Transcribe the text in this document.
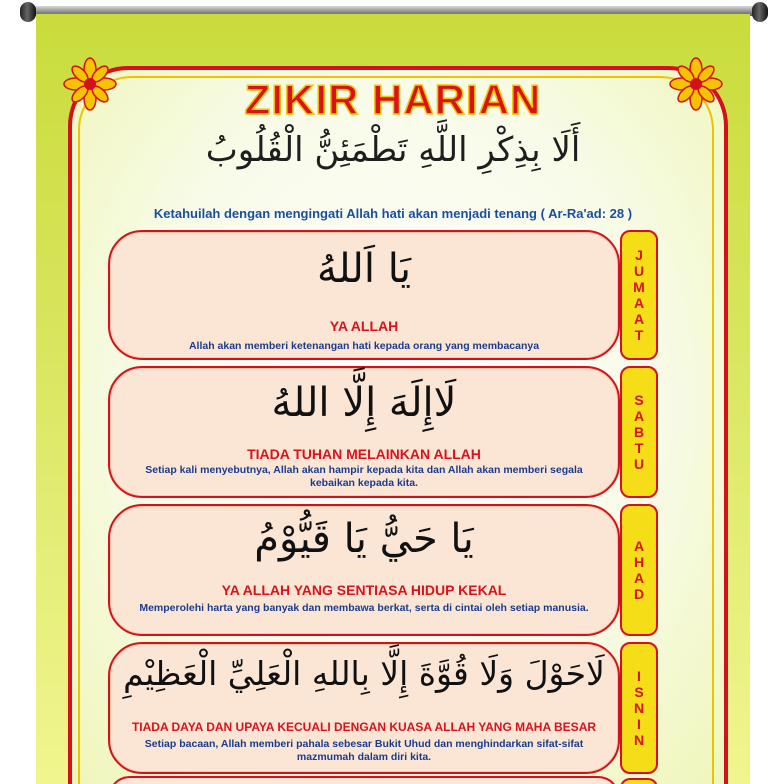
ZIKIR HARIAN
أَلَا بِذِكْرِ اللَّهِ تَطْمَئِنُّ الْقُلُوبُ
Ketahuilah dengan mengingati Allah hati akan menjadi tenang ( Ar-Ra'ad: 28 )
يَا اَللهُ
YA ALLAH
Allah akan memberi ketenangan hati kepada orang yang membacanya
J
U
M
A
A
T
لَاإِلَهَ إِلَّا اللهُ
TIADA TUHAN MELAINKAN ALLAH
Setiap kali menyebutnya, Allah akan hampir kepada kita dan Allah akan memberi segala kebaikan kepada kita.
S
A
B
T
U
يَا حَيُّ يَا قَيُّوْمُ
YA ALLAH YANG SENTIASA HIDUP KEKAL
Memperolehi harta yang banyak dan membawa berkat, serta di cintai oleh setiap manusia.
A
H
A
D
لَاحَوْلَ وَلَا قُوَّةَ إِلَّا بِاللهِ الْعَلِيِّ الْعَظِيْمِ
TIADA DAYA DAN UPAYA KECUALI DENGAN KUASA ALLAH YANG MAHA BESAR
Setiap bacaan, Allah memberi pahala sebesar Bukit Uhud dan menghindarkan sifat-sifat mazmumah dalam diri kita.
I
S
N
I
N
